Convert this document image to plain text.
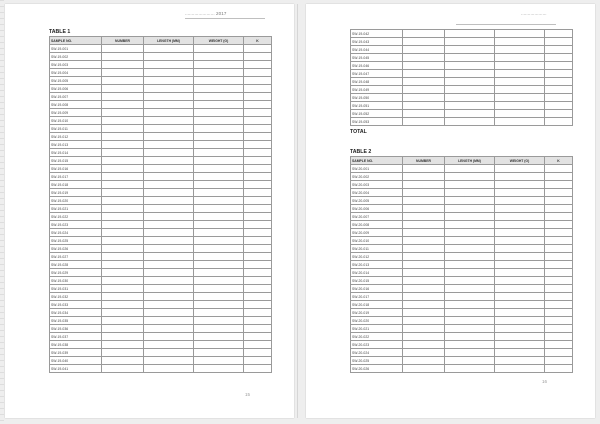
...................... 2017
TABLE 1
SAMPLE NO.	NUMBER	LENGTH (MM)	WEIGHT (G)	K
SW-19-001				
SW-19-002				
SW-19-003				
SW-19-004				
SW-19-005				
SW-19-006				
SW-19-007				
SW-19-008				
SW-19-009				
SW-19-010				
SW-19-011				
SW-19-012				
SW-19-013				
SW-19-014				
SW-19-015				
SW-19-016				
SW-19-017				
SW-19-018				
SW-19-019				
SW-19-020				
SW-19-021				
SW-19-022				
SW-19-023				
SW-19-024				
SW-19-025				
SW-19-026				
SW-19-027				
SW-19-028				
SW-19-029				
SW-19-030				
SW-19-031				
SW-19-032				
SW-19-033				
SW-19-034				
SW-19-035				
SW-19-036				
SW-19-037				
SW-19-038				
SW-19-039				
SW-19-040				
SW-19-041				
15
...................
SW-19-042				
SW-19-043				
SW-19-044				
SW-19-045				
SW-19-046				
SW-19-047				
SW-19-048				
SW-19-049				
SW-19-050				
SW-19-051				
SW-19-052				
SW-19-053				
TOTAL
TABLE 2
SAMPLE NO.	NUMBER	LENGTH (MM)	WEIGHT (G)	K
SW-20-001				
SW-20-002				
SW-20-003				
SW-20-004				
SW-20-005				
SW-20-006				
SW-20-007				
SW-20-008				
SW-20-009				
SW-20-010				
SW-20-011				
SW-20-012				
SW-20-013				
SW-20-014				
SW-20-015				
SW-20-016				
SW-20-017				
SW-20-018				
SW-20-019				
SW-20-020				
SW-20-021				
SW-20-022				
SW-20-023				
SW-20-024				
SW-20-025				
SW-20-026				
16
